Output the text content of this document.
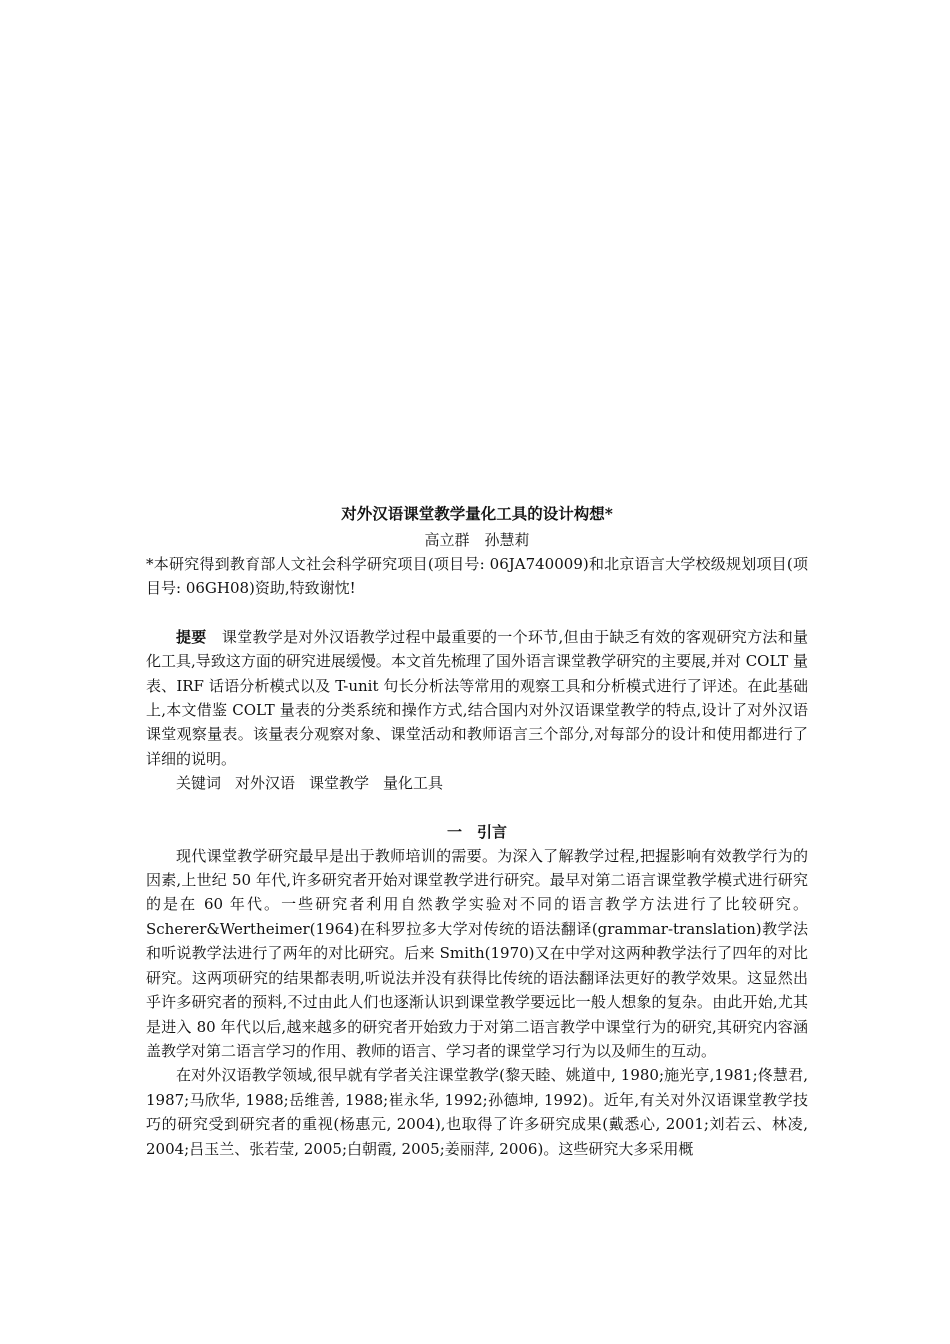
对外汉语课堂教学量化工具的设计构想*

高立群　孙慧莉

*本研究得到教育部人文社会科学研究项目(项目号: 06JA740009)和北京语言大学校级规划项目(项目号: 06GH08)资助,特致谢忱!

提要 课堂教学是对外汉语教学过程中最重要的一个环节,但由于缺乏有效的客观研究方法和量化工具,导致这方面的研究进展缓慢。本文首先梳理了国外语言课堂教学研究的主要展,并对 COLT 量表、IRF 话语分析模式以及 T-unit 句长分析法等常用的观察工具和分析模式进行了评述。在此基础上,本文借鉴 COLT 量表的分类系统和操作方式,结合国内对外汉语课堂教学的特点,设计了对外汉语课堂观察量表。该量表分观察对象、课堂活动和教师语言三个部分,对每部分的设计和使用都进行了详细的说明。

关键词 对外汉语 课堂教学 量化工具

一　引言

现代课堂教学研究最早是出于教师培训的需要。为深入了解教学过程,把握影响有效教学行为的因素,上世纪 50 年代,许多研究者开始对课堂教学进行研究。最早对第二语言课堂教学模式进行研究的是在 60 年代。一些研究者利用自然教学实验对不同的语言教学方法进行了比较研究。Scherer&Wertheimer(1964)在科罗拉多大学对传统的语法翻译(grammar-translation)教学法和听说教学法进行了两年的对比研究。后来 Smith(1970)又在中学对这两种教学法行了四年的对比研究。这两项研究的结果都表明,听说法并没有获得比传统的语法翻译法更好的教学效果。这显然出乎许多研究者的预料,不过由此人们也逐渐认识到课堂教学要远比一般人想象的复杂。由此开始,尤其是进入 80 年代以后,越来越多的研究者开始致力于对第二语言教学中课堂行为的研究,其研究内容涵盖教学对第二语言学习的作用、教师的语言、学习者的课堂学习行为以及师生的互动。

在对外汉语教学领域,很早就有学者关注课堂教学(黎天睦、姚道中, 1980;施光亨,1981;佟慧君, 1987;马欣华, 1988;岳维善, 1988;崔永华, 1992;孙德坤, 1992)。近年,有关对外汉语课堂教学技巧的研究受到研究者的重视(杨惠元, 2004),也取得了许多研究成果(戴悉心, 2001;刘若云、林凌, 2004;吕玉兰、张若莹, 2005;白朝霞, 2005;姜丽萍, 2006)。这些研究大多采用概
